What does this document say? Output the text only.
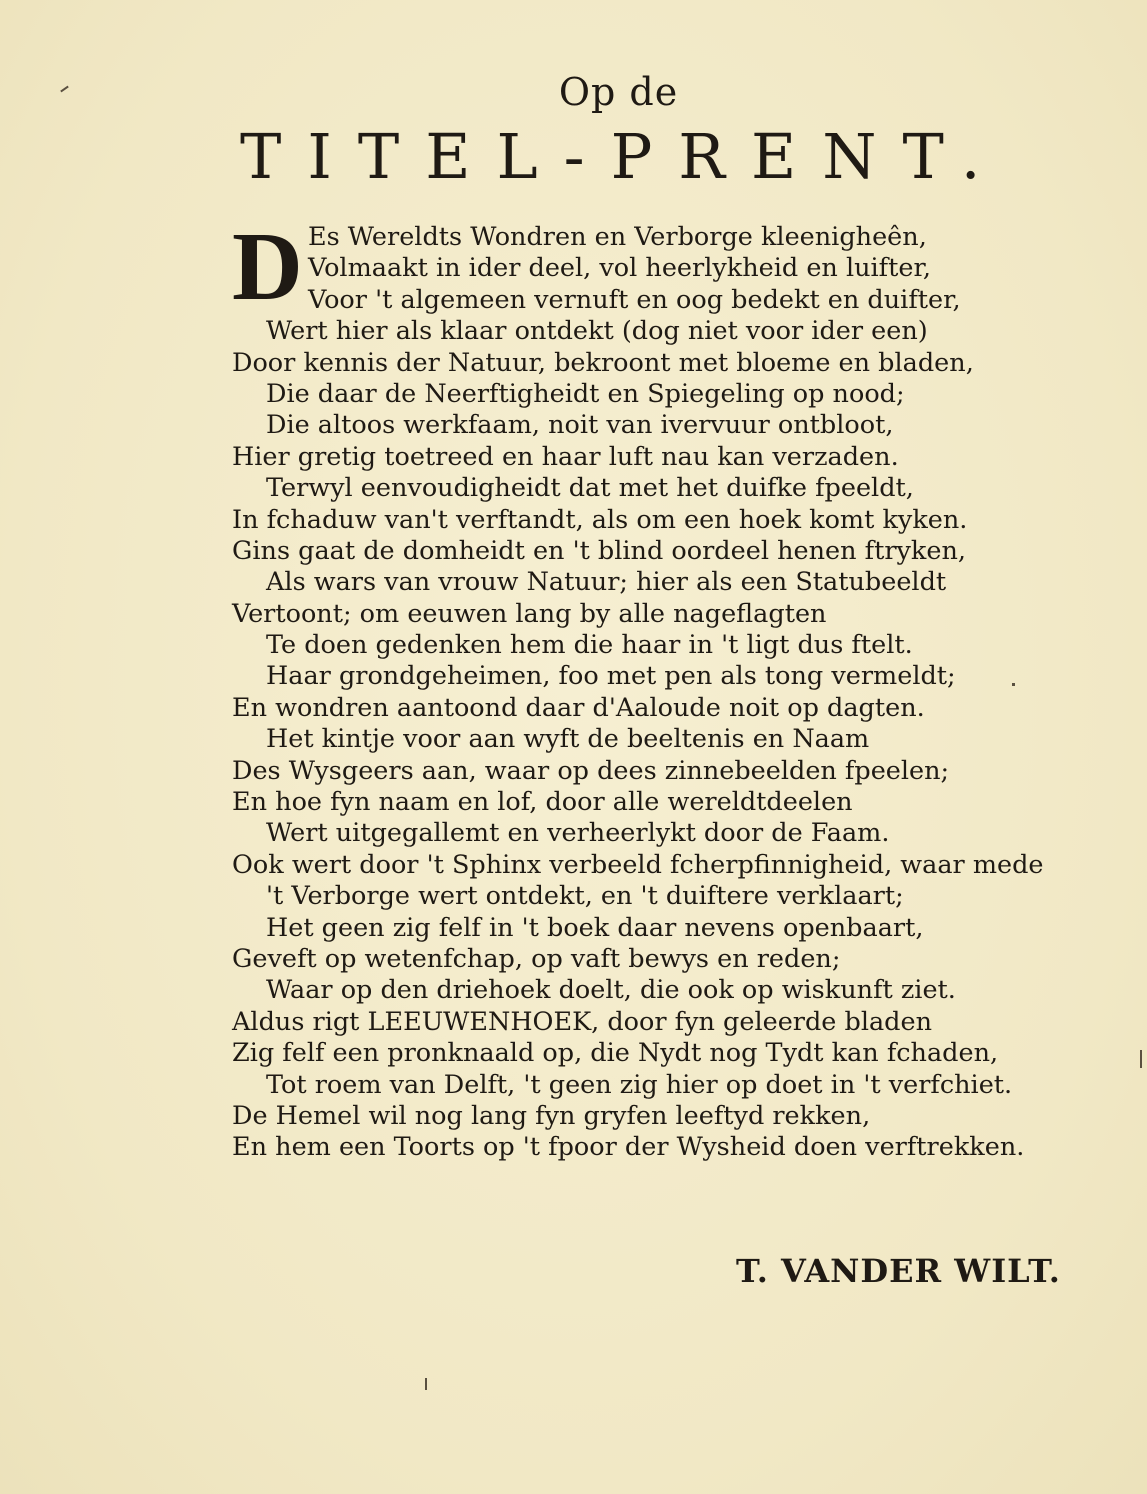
Op de
TITEL-PRENT.
D Es Wereldts Wondren en Verborge kleenigheên,
Volmaakt in ider deel, vol heerlykheid en luifter,
Voor 't algemeen vernuft en oog bedekt en duifter,
Wert hier als klaar ontdekt (dog niet voor ider een)
Door kennis der Natuur, bekroont met bloeme en bladen,
Die daar de Neerftigheidt en Spiegeling op nood;
Die altoos werkfaam, noit van ivervuur ontbloot,
Hier gretig toetreed en haar luft nau kan verzaden.
Terwyl eenvoudigheidt dat met het duifke fpeeldt,
In fchaduw van't verftandt, als om een hoek komt kyken.
Gins gaat de domheidt en 't blind oordeel henen ftryken,
Als wars van vrouw Natuur; hier als een Statubeeldt
Vertoont; om eeuwen lang by alle nageflagten
Te doen gedenken hem die haar in 't ligt dus ftelt.
Haar grondgeheimen, foo met pen als tong vermeldt;
En wondren aantoond daar d'Aaloude noit op dagten.
Het kintje voor aan wyft de beeltenis en Naam
Des Wysgeers aan, waar op dees zinnebeelden fpeelen;
En hoe fyn naam en lof, door alle wereldtdeelen
Wert uitgegallemt en verheerlykt door de Faam.
Ook wert door 't Sphinx verbeeld fcherpfinnigheid, waar mede
't Verborge wert ontdekt, en 't duiftere verklaart;
Het geen zig felf in 't boek daar nevens openbaart,
Geveft op wetenfchap, op vaft bewys en reden;
Waar op den driehoek doelt, die ook op wiskunft ziet.
Aldus rigt LEEUWENHOEK, door fyn geleerde bladen
Zig felf een pronknaald op, die Nydt nog Tydt kan fchaden,
Tot roem van Delft, 't geen zig hier op doet in 't verfchiet.
De Hemel wil nog lang fyn gryfen leeftyd rekken,
En hem een Toorts op 't fpoor der Wysheid doen verftrekken.
T. VANDER WILT.
